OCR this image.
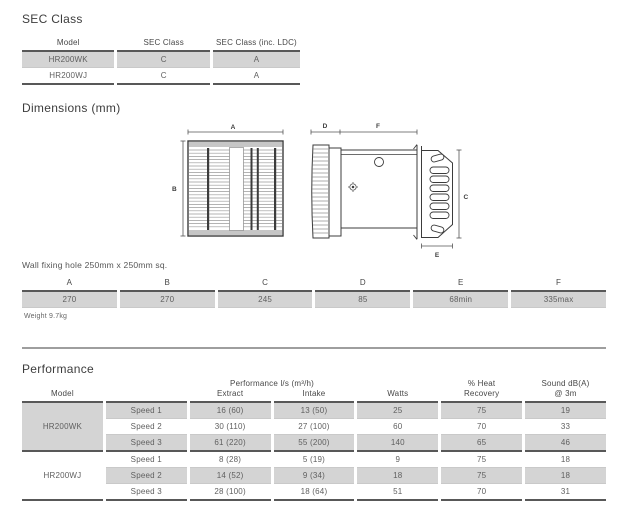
SEC Class
Model	SEC Class	SEC Class (inc. LDC)
HR200WK	C	A
HR200WJ	C	A
Dimensions (mm)
A
B
D	F
C
E
Wall fixing hole 250mm x 250mm sq.
A	B	C	D	E	F
270	270	245	85	68min	335max
Weight 9.7kg
Performance
		Performance l/s (m³/h)			% Heat	Sound dB(A)
Model		Extract	Intake	Watts	Recovery	@ 3m
HR200WK	Speed 1	16 (60)	13 (50)	25	75	19
	Speed 2	30 (110)	27 (100)	60	70	33
	Speed 3	61 (220)	55 (200)	140	65	46
HR200WJ	Speed 1	8 (28)	5 (19)	9	75	18
	Speed 2	14 (52)	9 (34)	18	75	18
	Speed 3	28 (100)	18 (64)	51	70	31
